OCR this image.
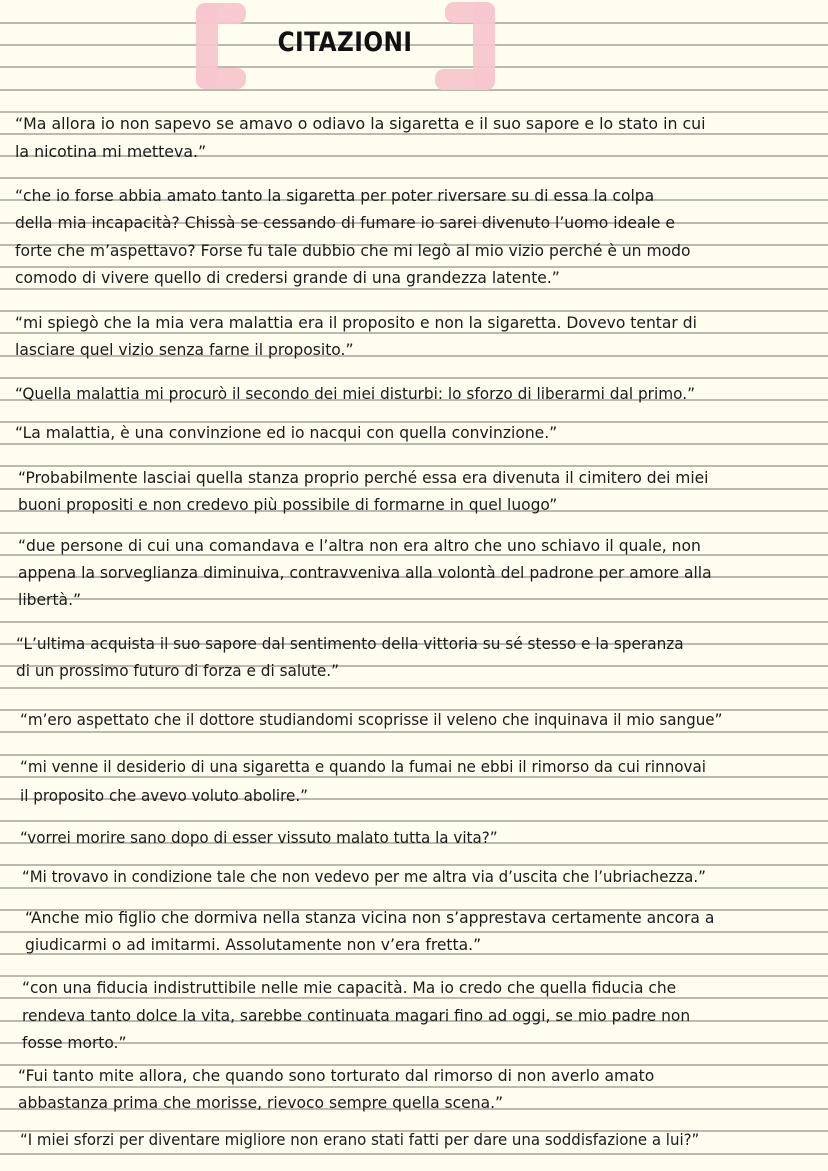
CITAZIONI
“Ma allora io non sapevo se amavo o odiavo la sigaretta e il suo sapore e lo stato in cui
la nicotina mi metteva.”
“che io forse abbia amato tanto la sigaretta per poter riversare su di essa la colpa
della mia incapacità? Chissà se cessando di fumare io sarei divenuto l’uomo ideale e
forte che m’aspettavo? Forse fu tale dubbio che mi legò al mio vizio perché è un modo
comodo di vivere quello di credersi grande di una grandezza latente.”
“mi spiegò che la mia vera malattia era il proposito e non la sigaretta. Dovevo tentar di
lasciare quel vizio senza farne il proposito.”
“Quella malattia mi procurò il secondo dei miei disturbi: lo sforzo di liberarmi dal primo.”
“La malattia, è una convinzione ed io nacqui con quella convinzione.”
“Probabilmente lasciai quella stanza proprio perché essa era divenuta il cimitero dei miei
buoni propositi e non credevo più possibile di formarne in quel luogo”
“due persone di cui una comandava e l’altra non era altro che uno schiavo il quale, non
appena la sorveglianza diminuiva, contravveniva alla volontà del padrone per amore alla
libertà.”
“L’ultima acquista il suo sapore dal sentimento della vittoria su sé stesso e la speranza
di un prossimo futuro di forza e di salute.”
“m’ero aspettato che il dottore studiandomi scoprisse il veleno che inquinava il mio sangue”
“mi venne il desiderio di una sigaretta e quando la fumai ne ebbi il rimorso da cui rinnovai
il proposito che avevo voluto abolire.”
“vorrei morire sano dopo di esser vissuto malato tutta la vita?”
“Mi trovavo in condizione tale che non vedevo per me altra via d’uscita che l’ubriachezza.”
“Anche mio figlio che dormiva nella stanza vicina non s’apprestava certamente ancora a
giudicarmi o ad imitarmi. Assolutamente non v’era fretta.”
“con una fiducia indistruttibile nelle mie capacità. Ma io credo che quella fiducia che
rendeva tanto dolce la vita, sarebbe continuata magari fino ad oggi, se mio padre non
fosse morto.”
“Fui tanto mite allora, che quando sono torturato dal rimorso di non averlo amato
abbastanza prima che morisse, rievoco sempre quella scena.”
“I miei sforzi per diventare migliore non erano stati fatti per dare una soddisfazione a lui?”
